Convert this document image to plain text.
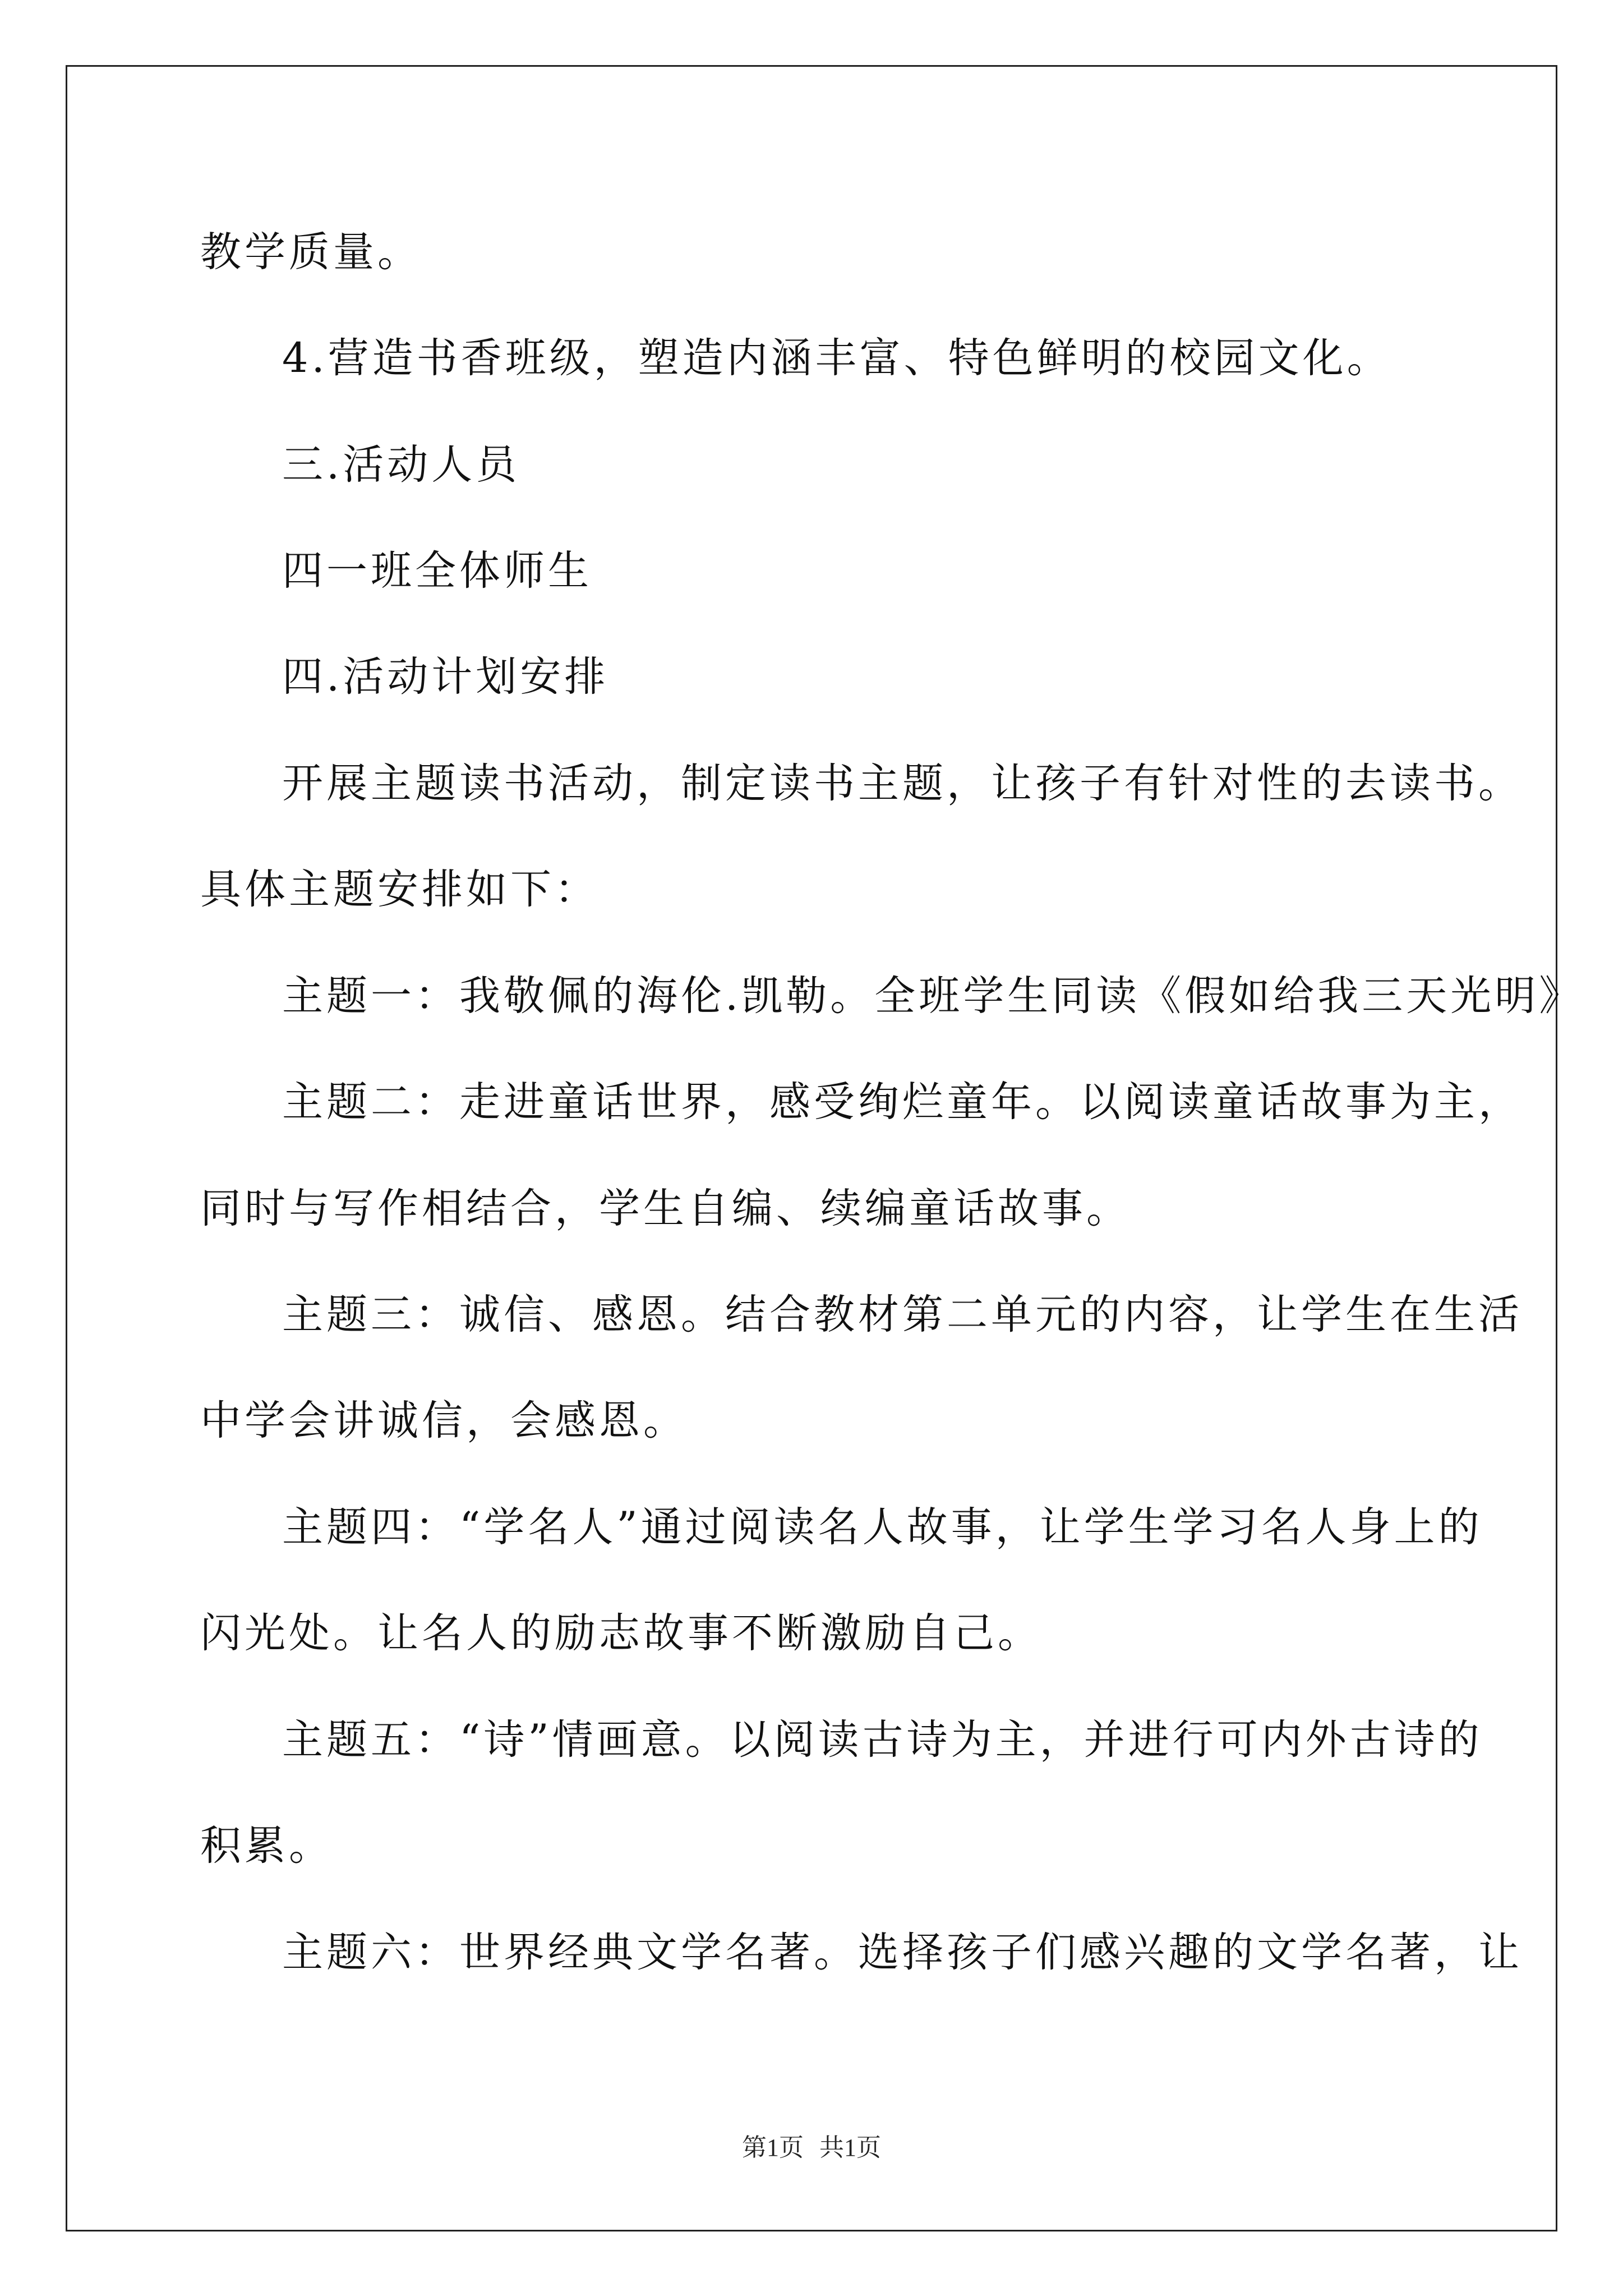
教学质量。
4.营造书香班级，塑造内涵丰富、特色鲜明的校园文化。
三.活动人员
四一班全体师生
四.活动计划安排
开展主题读书活动，制定读书主题，让孩子有针对性的去读书。
具体主题安排如下：
主题一：我敬佩的海伦.凯勒。全班学生同读《假如给我三天光明》
主题二：走进童话世界，感受绚烂童年。以阅读童话故事为主，
同时与写作相结合，学生自编、续编童话故事。
主题三：诚信、感恩。结合教材第二单元的内容，让学生在生活
中学会讲诚信，会感恩。
主题四：“学名人”通过阅读名人故事，让学生学习名人身上的
闪光处。让名人的励志故事不断激励自己。
主题五：“诗”情画意。以阅读古诗为主，并进行可内外古诗的
积累。
主题六：世界经典文学名著。选择孩子们感兴趣的文学名著，让
第1页 共1页
